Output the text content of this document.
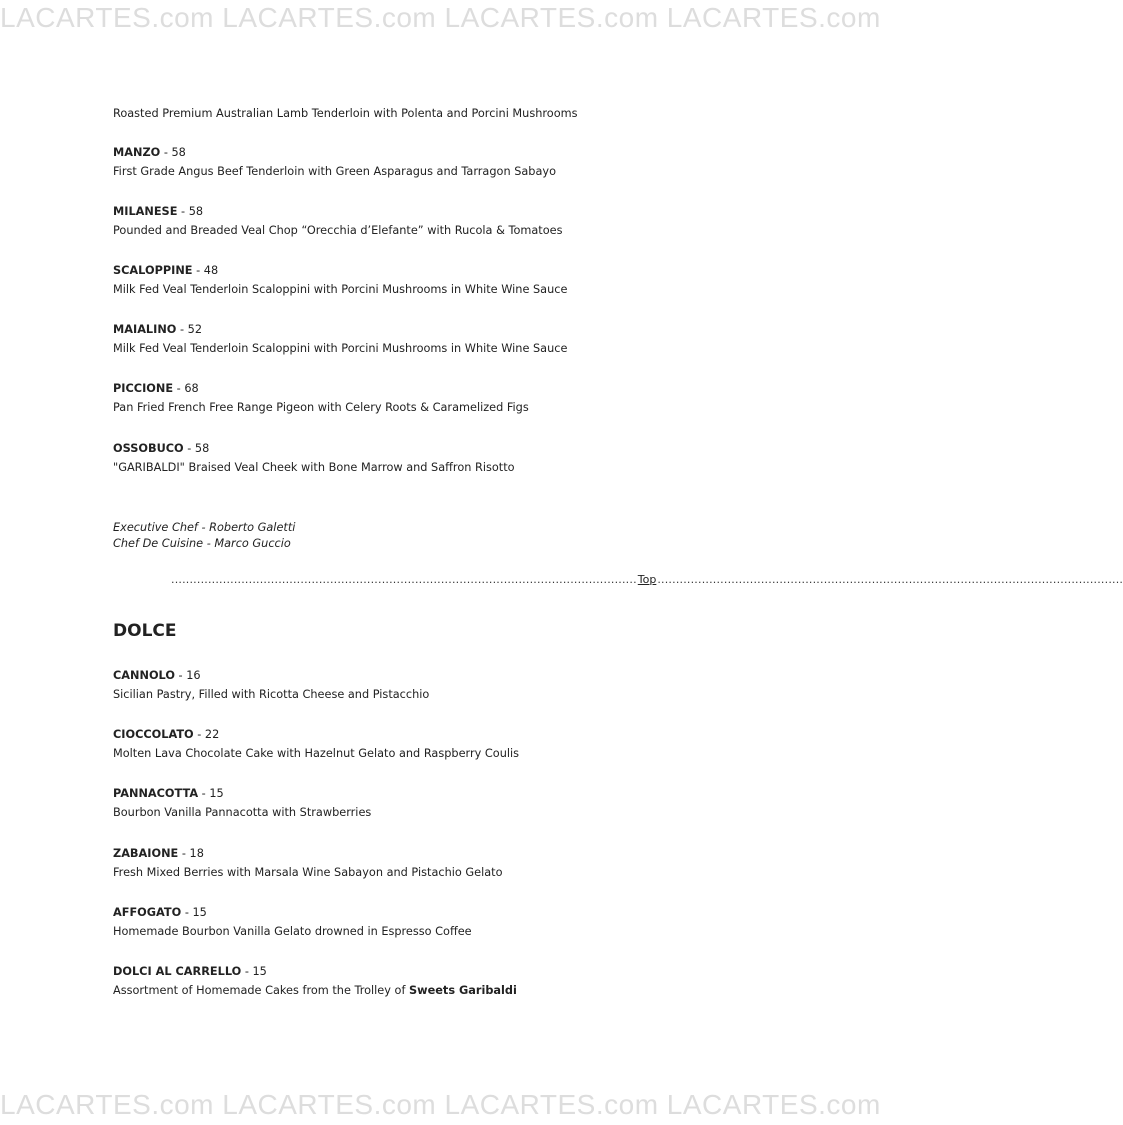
LACARTES.com LACARTES.com LACARTES.com LACARTES.com
Roasted Premium Australian Lamb Tenderloin with Polenta and Porcini Mushrooms
MANZO - 58
First Grade Angus Beef Tenderloin with Green Asparagus and Tarragon Sabayo
MILANESE - 58
Pounded and Breaded Veal Chop “Orecchia d’Elefante” with Rucola & Tomatoes
SCALOPPINE - 48
Milk Fed Veal Tenderloin Scaloppini with Porcini Mushrooms in White Wine Sauce
MAIALINO - 52
Milk Fed Veal Tenderloin Scaloppini with Porcini Mushrooms in White Wine Sauce
PICCIONE - 68
Pan Fried French Free Range Pigeon with Celery Roots & Caramelized Figs
OSSOBUCO - 58
"GARIBALDI" Braised Veal Cheek with Bone Marrow and Saffron Risotto
Executive Chef - Roberto Galetti
Chef De Cuisine - Marco Guccio
.............................................................................................................................. Top ..............................................................................................................................
DOLCE
CANNOLO - 16
Sicilian Pastry, Filled with Ricotta Cheese and Pistacchio
CIOCCOLATO - 22
Molten Lava Chocolate Cake with Hazelnut Gelato and Raspberry Coulis
PANNACOTTA - 15
Bourbon Vanilla Pannacotta with Strawberries
ZABAIONE - 18
Fresh Mixed Berries with Marsala Wine Sabayon and Pistachio Gelato
AFFOGATO - 15
Homemade Bourbon Vanilla Gelato drowned in Espresso Coffee
DOLCI AL CARRELLO - 15
Assortment of Homemade Cakes from the Trolley of Sweets Garibaldi
LACARTES.com LACARTES.com LACARTES.com LACARTES.com
